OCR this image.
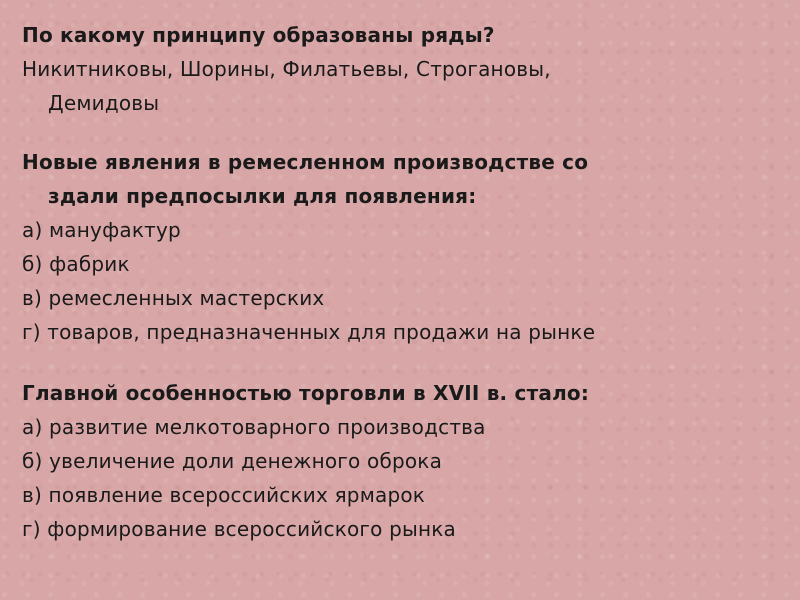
По какому принципу образованы ряды?

Никитниковы, Шорины, Филатьевы, Строгановы,

Демидовы

Новые явления в ремесленном производстве со

здали предпосылки для появления:

а) мануфактур

б) фабрик

в) ремесленных мастерских

г) товаров, предназначенных для продажи на рынке

Главной особенностью торговли в XVII в. стало:

а) развитие мелкотоварного производства

б) увеличение доли денежного оброка

в) появление всероссийских ярмарок

г) формирование всероссийского рынка
